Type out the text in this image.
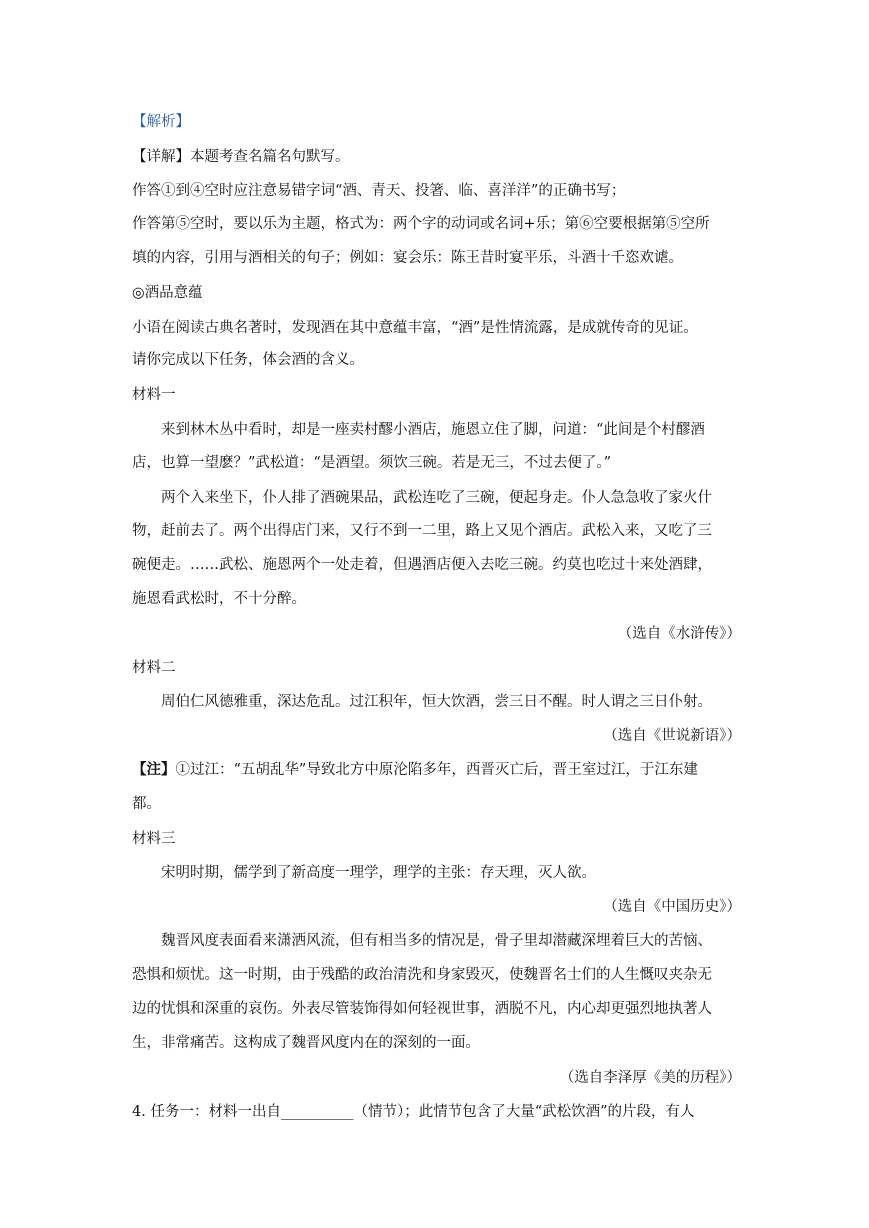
【解析】
【详解】本题考查名篇名句默写。
作答①到④空时应注意易错字词“酒、青天、投箸、临、喜洋洋”的正确书写；
作答第⑤空时，要以乐为主题，格式为：两个字的动词或名词+乐；第⑥空要根据第⑤空所
填的内容，引用与酒相关的句子；例如：宴会乐：陈王昔时宴平乐，斗酒十千恣欢谑。
◎酒品意蕴
小语在阅读古典名著时，发现酒在其中意蕴丰富，“酒”是性情流露，是成就传奇的见证。
请你完成以下任务，体会酒的含义。
材料一
来到林木丛中看时，却是一座卖村醪小酒店，施恩立住了脚，问道：“此间是个村醪酒
店，也算一望麽？”武松道：“是酒望。须饮三碗。若是无三，不过去便了。”
两个入来坐下，仆人排了酒碗果品，武松连吃了三碗，便起身走。仆人急急收了家火什
物，赶前去了。两个出得店门来，又行不到一二里，路上又见个酒店。武松入来，又吃了三
碗便走。……武松、施恩两个一处走着，但遇酒店便入去吃三碗。约莫也吃过十来处酒肆，
施恩看武松时，不十分醉。
（选自《水浒传》）
材料二
周伯仁风德雅重，深达危乱。过江积年，恒大饮酒，尝三日不醒。时人谓之三日仆射。
（选自《世说新语》）
【注】①过江：“五胡乱华”导致北方中原沦陷多年，西晋灭亡后，晋王室过江，于江东建
都。
材料三
宋明时期，儒学到了新高度一理学，理学的主张：存天理，灭人欲。
（选自《中国历史》）
魏晋风度表面看来潇洒风流，但有相当多的情况是，骨子里却潜藏深埋着巨大的苦恼、
恐惧和烦忧。这一时期，由于残酷的政治清洗和身家毁灭，使魏晋名士们的人生慨叹夹杂无
边的忧惧和深重的哀伤。外表尽管装饰得如何轻视世事，洒脱不凡，内心却更强烈地执著人
生，非常痛苦。这构成了魏晋风度内在的深刻的一面。
（选自李泽厚《美的历程》）
4. 任务一：材料一出自__________（情节）；此情节包含了大量“武松饮酒”的片段，有人
